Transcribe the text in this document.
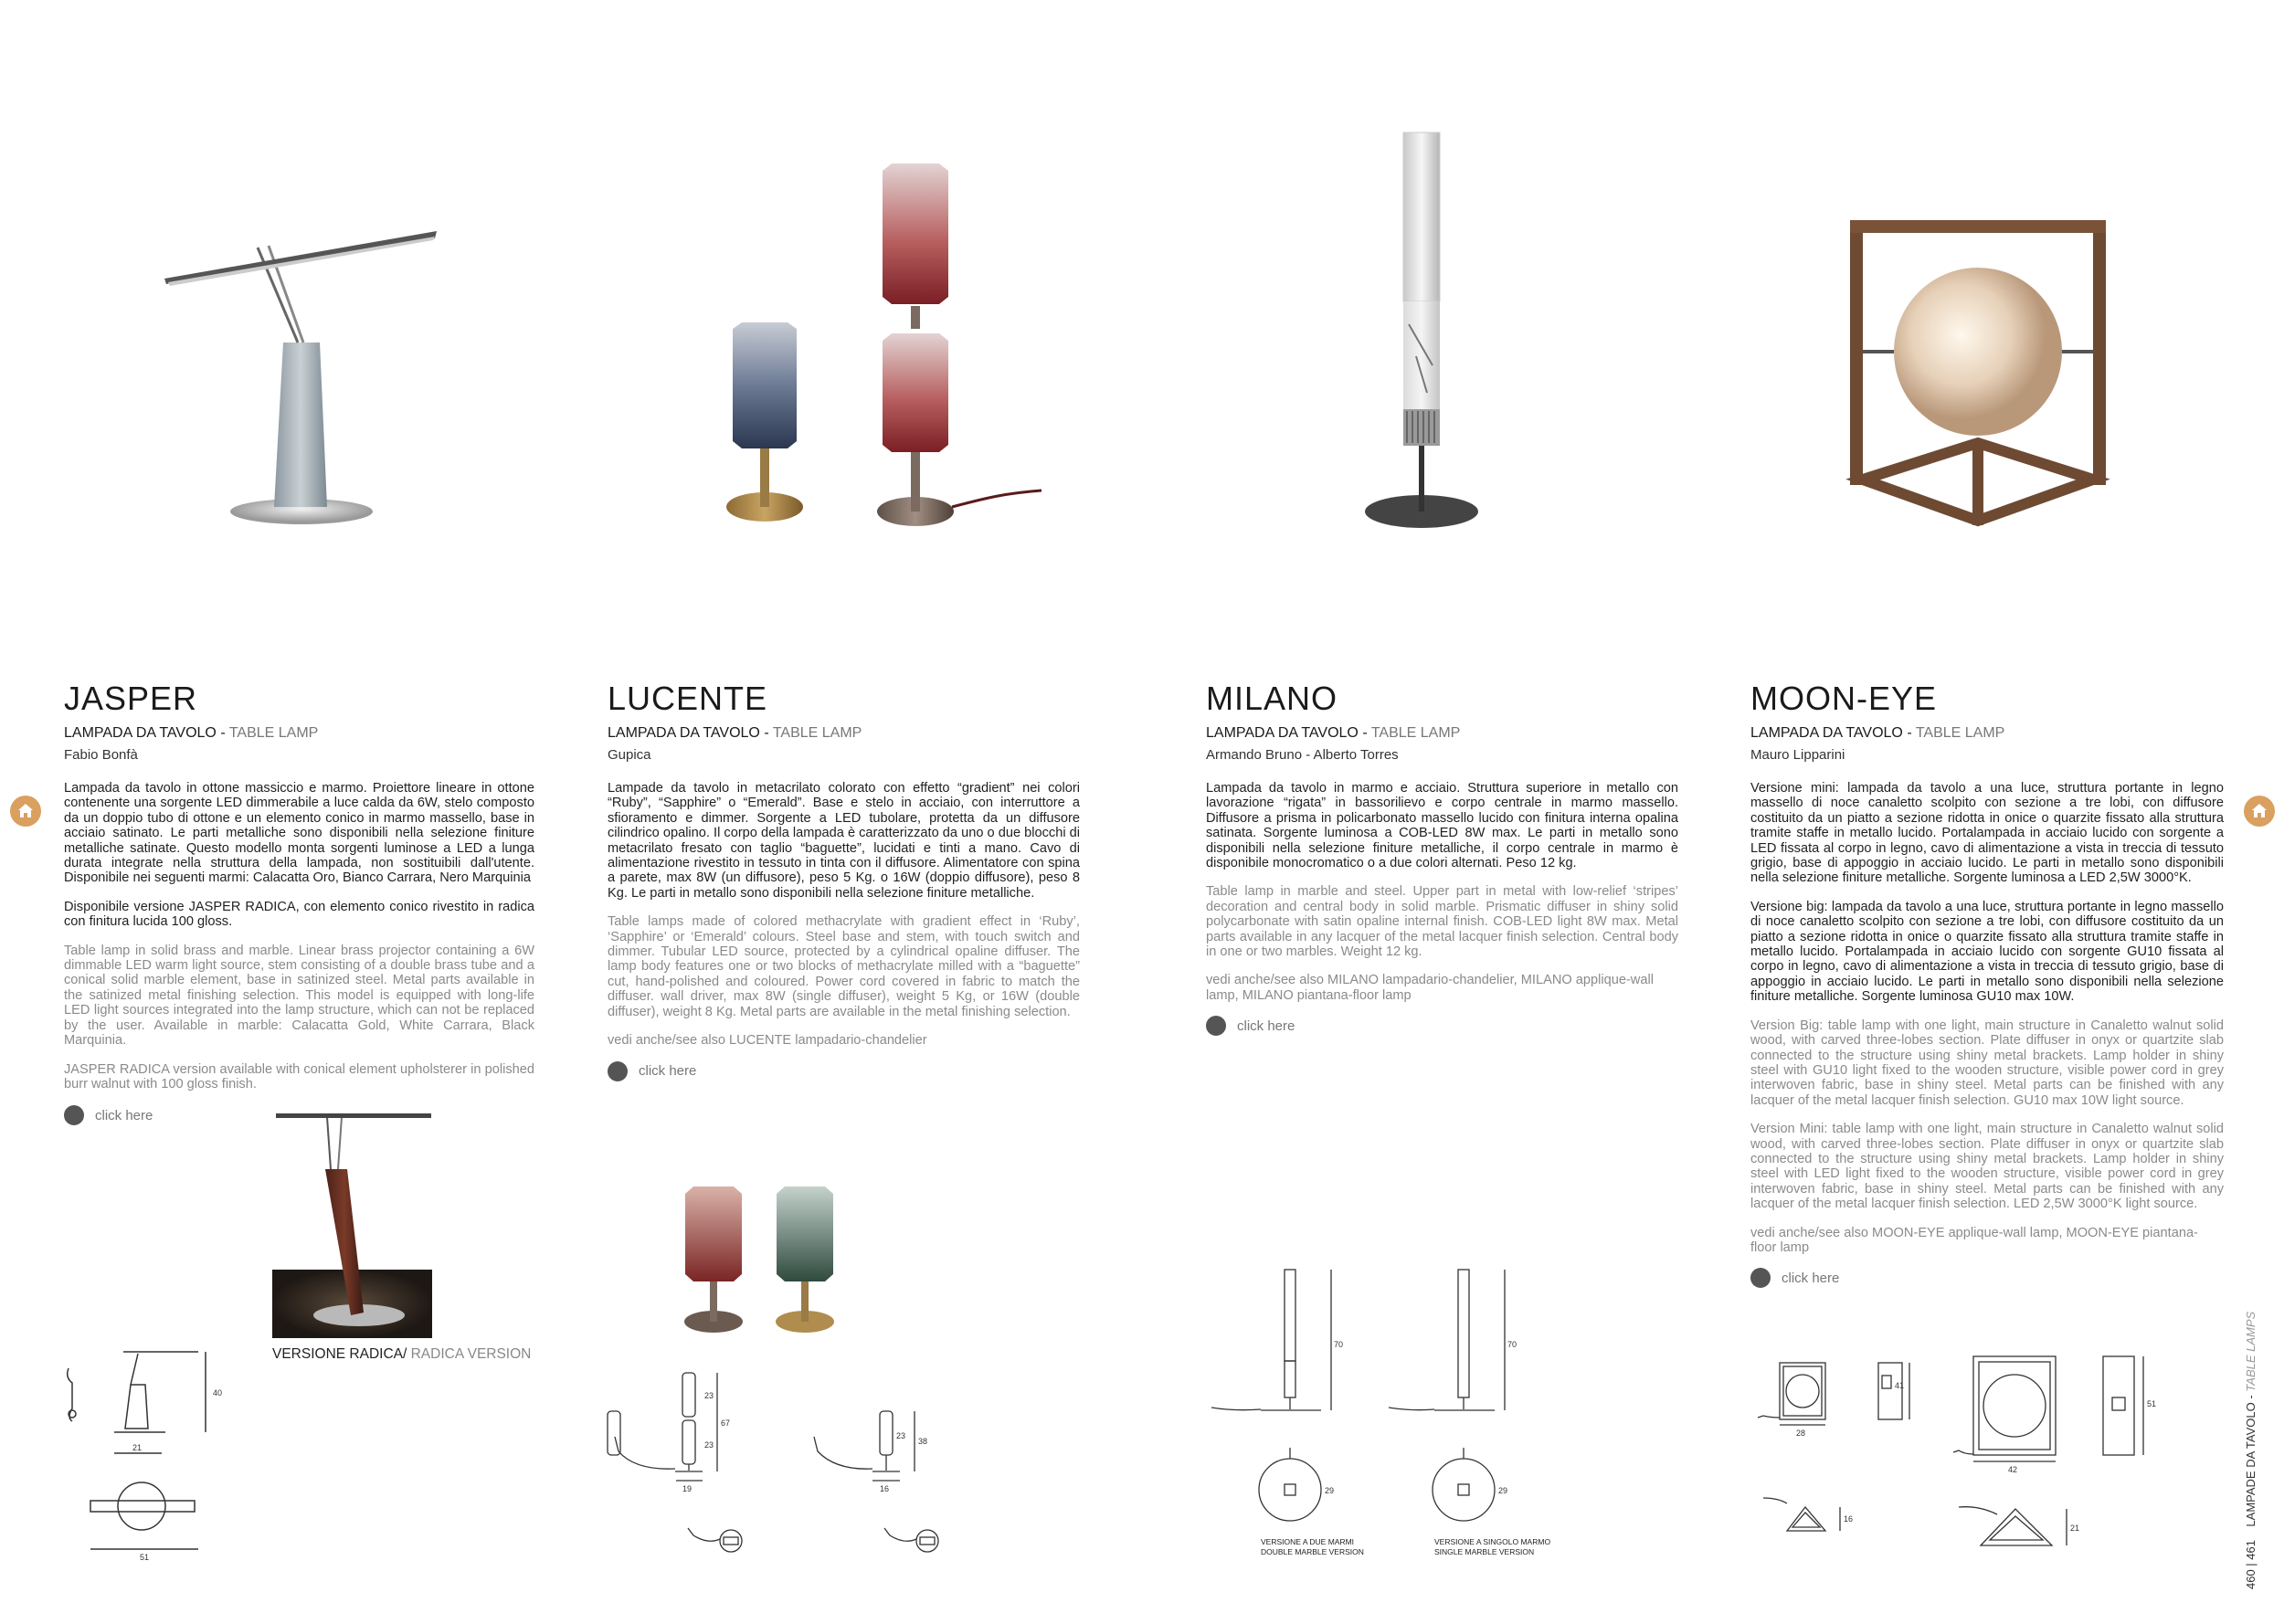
JASPER
LAMPADA DA TAVOLO - TABLE LAMP
Fabio Bonfà

Lampada da tavolo in ottone massiccio e marmo. Proiettore lineare in ottone contenente una sorgente LED dimmerabile a luce calda da 6W, stelo composto da un doppio tubo di ottone e un elemento conico in marmo massello, base in acciaio satinato. Le parti metalliche sono disponibili nella selezione finiture metalliche satinate. Questo modello monta sorgenti luminose a LED a lunga durata integrate nella struttura della lampada, non sostituibili dall'utente. Disponibile nei seguenti marmi: Calacatta Oro, Bianco Carrara, Nero Marquinia

Disponibile versione JASPER RADICA, con elemento conico rivestito in radica con finitura lucida 100 gloss.

Table lamp in solid brass and marble. Linear brass projector containing a 6W dimmable LED warm light source, stem consisting of a double brass tube and a conical solid marble element, base in satinized steel. Metal parts available in the satinized metal finishing selection. This model is equipped with long-life LED light sources integrated into the lamp structure, which can not be replaced by the user. Available in marble: Calacatta Gold, White Carrara, Black Marquinia.

JASPER RADICA version available with conical element upholsterer in polished burr walnut with 100 gloss finish.

click here
LUCENTE
LAMPADA DA TAVOLO - TABLE LAMP
Gupica

Lampade da tavolo in metacrilato colorato con effetto “gradient” nei colori “Ruby”, “Sapphire” o “Emerald”. Base e stelo in acciaio, con interruttore a sfioramento e dimmer. Sorgente a LED tubolare, protetta da un diffusore cilindrico opalino. Il corpo della lampada è caratterizzato da uno o due blocchi di metacrilato fresato con taglio “baguette”, lucidati e tinti a mano. Cavo di alimentazione rivestito in tessuto in tinta con il diffusore. Alimentatore con spina a parete, max 8W (un diffusore), peso 5 Kg. o 16W (doppio diffusore), peso 8 Kg. Le parti in metallo sono disponibili nella selezione finiture metalliche.

Table lamps made of colored methacrylate with gradient effect in ‘Ruby’, ‘Sapphire’ or ‘Emerald’ colours. Steel base and stem, with touch switch and dimmer. Tubular LED source, protected by a cylindrical opaline diffuser. The lamp body features one or two blocks of methacrylate milled with a “baguette” cut, hand-polished and coloured. Power cord covered in fabric to match the diffuser. wall driver, max 8W (single diffuser), weight 5 Kg, or 16W (double diffuser), weight 8 Kg. Metal parts are available in the metal finishing selection.

vedi anche/see also LUCENTE lampadario-chandelier

click here
MILANO
LAMPADA DA TAVOLO - TABLE LAMP
Armando Bruno - Alberto Torres

Lampada da tavolo in marmo e acciaio. Struttura superiore in metallo con lavorazione “rigata” in bassorilievo e corpo centrale in marmo massello. Diffusore a prisma in policarbonato massello lucido con finitura interna opalina satinata. Sorgente luminosa a COB-LED 8W max. Le parti in metallo sono disponibili nella selezione finiture metalliche, il corpo centrale in marmo è disponibile monocromatico o a due colori alternati. Peso 12 kg.

Table lamp in marble and steel. Upper part in metal with low-relief ‘stripes’ decoration and central body in solid marble. Prismatic diffuser in shiny solid polycarbonate with satin opaline internal finish. COB-LED light 8W max. Metal parts available in any lacquer of the metal lacquer finish selection. Central body in one or two marbles. Weight 12 kg.

vedi anche/see also MILANO lampadario-chandelier, MILANO applique-wall lamp, MILANO piantana-floor lamp

click here
MOON-EYE
LAMPADA DA TAVOLO - TABLE LAMP
Mauro Lipparini

Versione mini: lampada da tavolo a una luce, struttura portante in legno massello di noce canaletto scolpito con sezione a tre lobi, con diffusore costituito da un piatto a sezione ridotta in onice o quarzite fissato alla struttura tramite staffe in metallo lucido. Portalampada in acciaio lucido con sorgente a LED fissata al corpo in legno, cavo di alimentazione a vista in treccia di tessuto grigio, base di appoggio in acciaio lucido. Le parti in metallo sono disponibili nella selezione finiture metalliche. Sorgente luminosa a LED 2,5W 3000°K.

Versione big: lampada da tavolo a una luce, struttura portante in legno massello di noce canaletto scolpito con sezione a tre lobi, con diffusore costituito da un piatto a sezione ridotta in onice o quarzite fissato alla struttura tramite staffe in metallo lucido. Portalampada in acciaio lucido con sorgente GU10 fissata al corpo in legno, cavo di alimentazione a vista in treccia di tessuto grigio, base di appoggio in acciaio lucido. Le parti in metallo sono disponibili nella selezione finiture metalliche. Sorgente luminosa GU10 max 10W.

Version Big: table lamp with one light, main structure in Canaletto walnut solid wood, with carved three-lobes section. Plate diffuser in onyx or quartzite slab connected to the structure using shiny metal brackets. Lamp holder in shiny steel with GU10 light fixed to the wooden structure, visible power cord in grey interwoven fabric, base in shiny steel. Metal parts can be finished with any lacquer of the metal lacquer finish selection. GU10 max 10W light source.

Version Mini: table lamp with one light, main structure in Canaletto walnut solid wood, with carved three-lobes section. Plate diffuser in onyx or quartzite slab connected to the structure using shiny metal brackets. Lamp holder in shiny steel with LED light fixed to the wooden structure, visible power cord in grey interwoven fabric, base in shiny steel. Metal parts can be finished with any lacquer of the metal lacquer finish selection. LED 2,5W 3000°K light source.

vedi anche/see also MOON-EYE applique-wall lamp, MOON-EYE piantana-floor lamp

click here
VERSIONE RADICA/ RADICA VERSION
40
21
51
23
23
67
19
23
38
16
70
29
70
29
VERSIONE A DUE MARMI
DOUBLE MARBLE VERSION
VERSIONE A SINGOLO MARMO
SINGLE MARBLE VERSION
41
28
51
42
16
21
460 | 461    LAMPADE DA TAVOLO - TABLE LAMPS
